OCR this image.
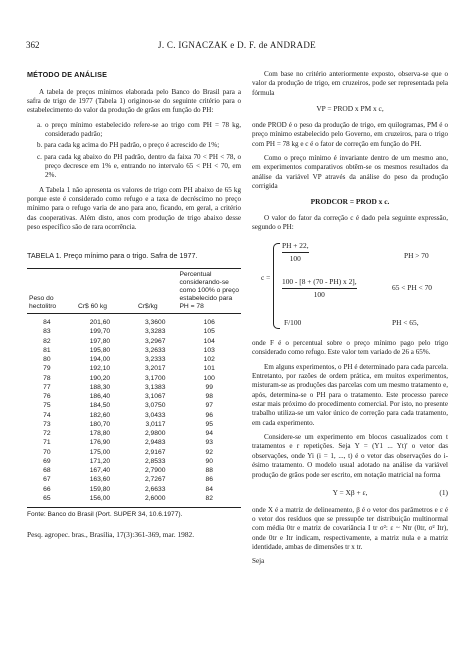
362	J. C. IGNACZAK e D. F. de ANDRADE
MÉTODO DE ANÁLISE

A tabela de preços mínimos elaborada pelo Banco do Brasil para a safra de trigo de 1977 (Tabela 1) originou-se do seguinte critério para o estabelecimento do valor da produção de grãos em função do PH:

a. o preço mínimo estabelecido refere-se ao trigo com PH = 78 kg, considerado padrão;
b. para cada kg acima do PH padrão, o preço é acrescido de 1%;
c. para cada kg abaixo do PH padrão, dentro da faixa 70 < PH < 78, o preço decresce em 1% e, entrando no intervalo 65 < PH < 70, em 2%.

A Tabela 1 não apresenta os valores de trigo com PH abaixo de 65 kg porque este é considerado como refugo e a taxa de decréscimo no preço mínimo para o refugo varia de ano para ano, ficando, em geral, a critério das cooperativas. Além disto, anos com produção de trigo abaixo desse peso específico são de rara ocorrência.

TABELA 1. Preço mínimo para o trigo. Safra de 1977.
Peso do hectolitro	Cr$ 60 kg	Cr$/kg	Percentual considerando-se como 100% o preço estabelecido para PH = 78
84	201,60	3,3600	106
83	199,70	3,3283	105
82	197,80	3,2967	104
81	195,80	3,2633	103
80	194,00	3,2333	102
79	192,10	3,2017	101
78	190,20	3,1700	100
77	188,30	3,1383	99
76	186,40	3,1067	98
75	184,50	3,0750	97
74	182,60	3,0433	96
73	180,70	3,0117	95
72	178,80	2,9800	94
71	176,90	2,9483	93
70	175,00	2,9167	92
69	171,20	2,8533	90
68	167,40	2,7900	88
67	163,60	2,7267	86
66	159,80	2,6633	84
65	156,00	2,6000	82
Fonte: Banco do Brasil (Port. SUPER 34, 10.6.1977).
Pesq. agropec. bras., Brasília, 17(3):361-369, mar. 1982.

Com base no critério anteriormente exposto, observa-se que o valor da produção de trigo, em cruzeiros, pode ser representada pela fórmula

VP = PROD x PM x c,

onde PROD é o peso da produção de trigo, em quilogramas, PM é o preço mínimo estabelecido pelo Governo, em cruzeiros, para o trigo com PH = 78 kg e c é o fator de correção em função do PH.

Como o preço mínimo é invariante dentro de um mesmo ano, em experimentos comparativos obtêm-se os mesmos resultados da análise da variável VP através da análise do peso da produção corrigida

PRODCOR = PROD x c.

O valor do fator da correção c é dado pela seguinte expressão, segundo o PH:

c =
PH + 22,
100	PH > 70
100 - [8 + (70 - PH) x 2],
100
65 < PH < 70
F/100	PH < 65,

onde F é o percentual sobre o preço mínimo pago pelo trigo considerado como refugo. Este valor tem variado de 26 a 65%.

Em alguns experimentos, o PH é determinado para cada parcela. Entretanto, por razões de ordem prática, em muitos experimentos, misturam-se as produções das parcelas com um mesmo tratamento e, após, determina-se o PH para o tratamento. Este processo parece estar mais próximo do procedimento comercial. Por isto, no presente trabalho utiliza-se um valor único de correção para cada tratamento, em cada experimento.

Considere-se um experimento em blocos casualizados com t tratamentos e r repetições. Seja Y = (Y1 ... Yt)' o vetor das observações, onde Yi (i = 1, ..., t) é o vetor das observações do i-ésimo tratamento. O modelo usual adotado na análise da variável produção de grãos pode ser escrito, em notação matricial na forma

Y = Xβ + ε,	(1)

onde X é a matriz de delineamento, β é o vetor dos parâmetros e ε é o vetor dos resíduos que se pressupõe ter distribuição multinormal com média 0tr e matriz de covariância I tr σ²: ε ~ Ntr (0tr, σ² Itr), onde 0tr e Itr indicam, respectivamente, a matriz nula e a matriz identidade, ambas de dimensões tr x tr.

Seja
